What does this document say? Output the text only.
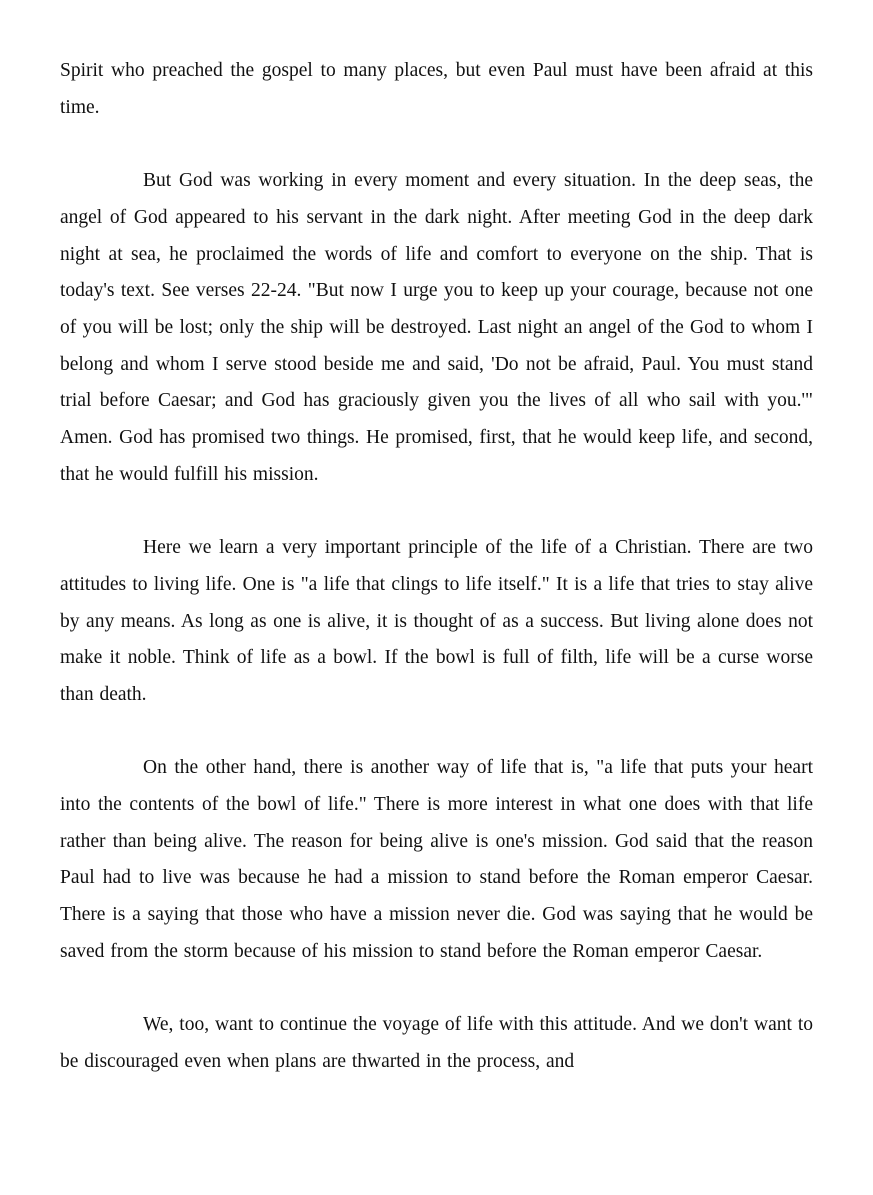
Spirit who preached the gospel to many places, but even Paul must have been afraid at this time.

But God was working in every moment and every situation. In the deep seas, the angel of God appeared to his servant in the dark night. After meeting God in the deep dark night at sea, he proclaimed the words of life and comfort to everyone on the ship. That is today's text. See verses 22-24. "But now I urge you to keep up your courage, because not one of you will be lost; only the ship will be destroyed. Last night an angel of the God to whom I belong and whom I serve stood beside me and said, 'Do not be afraid, Paul. You must stand trial before Caesar; and God has graciously given you the lives of all who sail with you.'" Amen. God has promised two things. He promised, first, that he would keep life, and second, that he would fulfill his mission.

Here we learn a very important principle of the life of a Christian. There are two attitudes to living life. One is "a life that clings to life itself." It is a life that tries to stay alive by any means. As long as one is alive, it is thought of as a success. But living alone does not make it noble. Think of life as a bowl. If the bowl is full of filth, life will be a curse worse than death.

On the other hand, there is another way of life that is, "a life that puts your heart into the contents of the bowl of life." There is more interest in what one does with that life rather than being alive. The reason for being alive is one's mission. God said that the reason Paul had to live was because he had a mission to stand before the Roman emperor Caesar. There is a saying that those who have a mission never die. God was saying that he would be saved from the storm because of his mission to stand before the Roman emperor Caesar.

We, too, want to continue the voyage of life with this attitude. And we don't want to be discouraged even when plans are thwarted in the process, and
